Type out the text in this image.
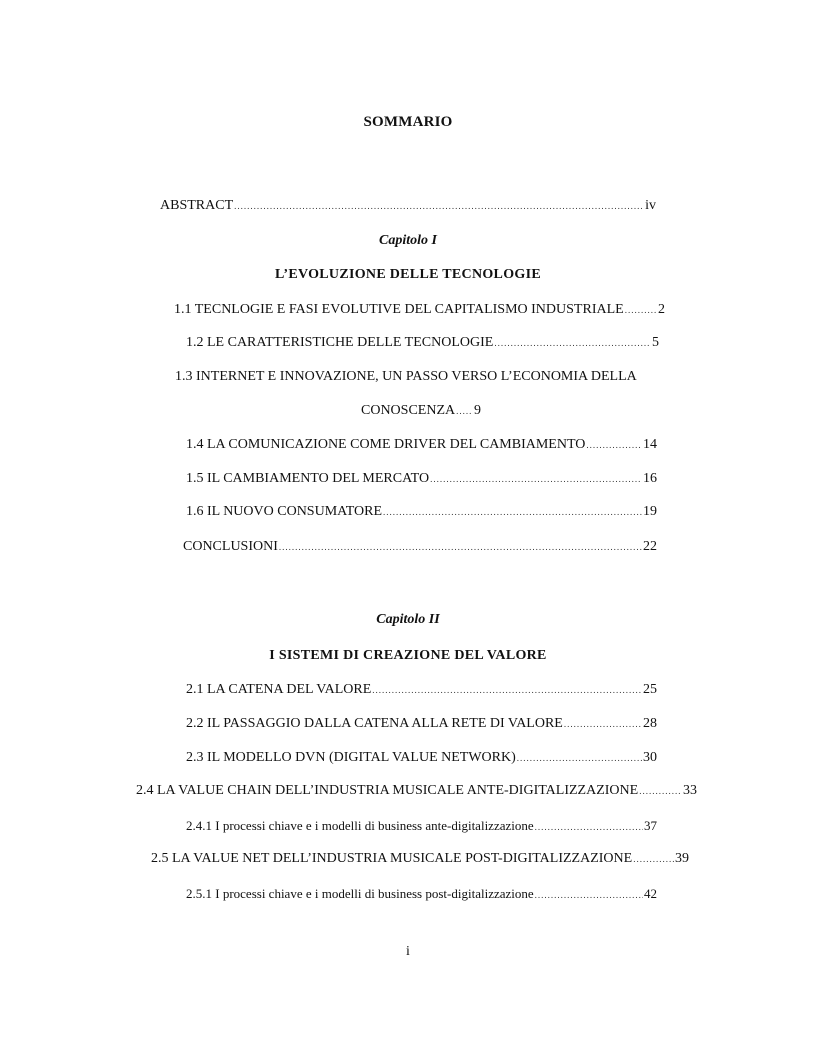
SOMMARIO
ABSTRACT .....	iv
Capitolo I
L’EVOLUZIONE DELLE TECNOLOGIE
1.1 TECNLOGIE E FASI EVOLUTIVE DEL CAPITALISMO INDUSTRIALE ..... 2
1.2 LE CARATTERISTICHE DELLE TECNOLOGIE .....	5
1.3 INTERNET E INNOVAZIONE, UN PASSO VERSO L’ECONOMIA DELLA
CONOSCENZA ..... 9
1.4 LA COMUNICAZIONE COME DRIVER DEL CAMBIAMENTO .....	14
1.5 IL CAMBIAMENTO DEL MERCATO .....	16
1.6 IL NUOVO CONSUMATORE .....	19
CONCLUSIONI .....	22
Capitolo II
I SISTEMI DI CREAZIONE DEL VALORE
2.1 LA CATENA DEL VALORE .....	25
2.2 IL PASSAGGIO DALLA CATENA ALLA RETE DI VALORE .....	28
2.3 IL MODELLO DVN (DIGITAL VALUE NETWORK) .....	30
2.4 LA VALUE CHAIN DELL’INDUSTRIA MUSICALE ANTE-DIGITALIZZAZIONE .....	33
2.4.1 I processi chiave e i modelli di business ante-digitalizzazione .....	37
2.5 LA VALUE NET DELL’INDUSTRIA MUSICALE POST-DIGITALIZZAZIONE .....	39
2.5.1 I processi chiave e i modelli di business post-digitalizzazione .....	42
i
